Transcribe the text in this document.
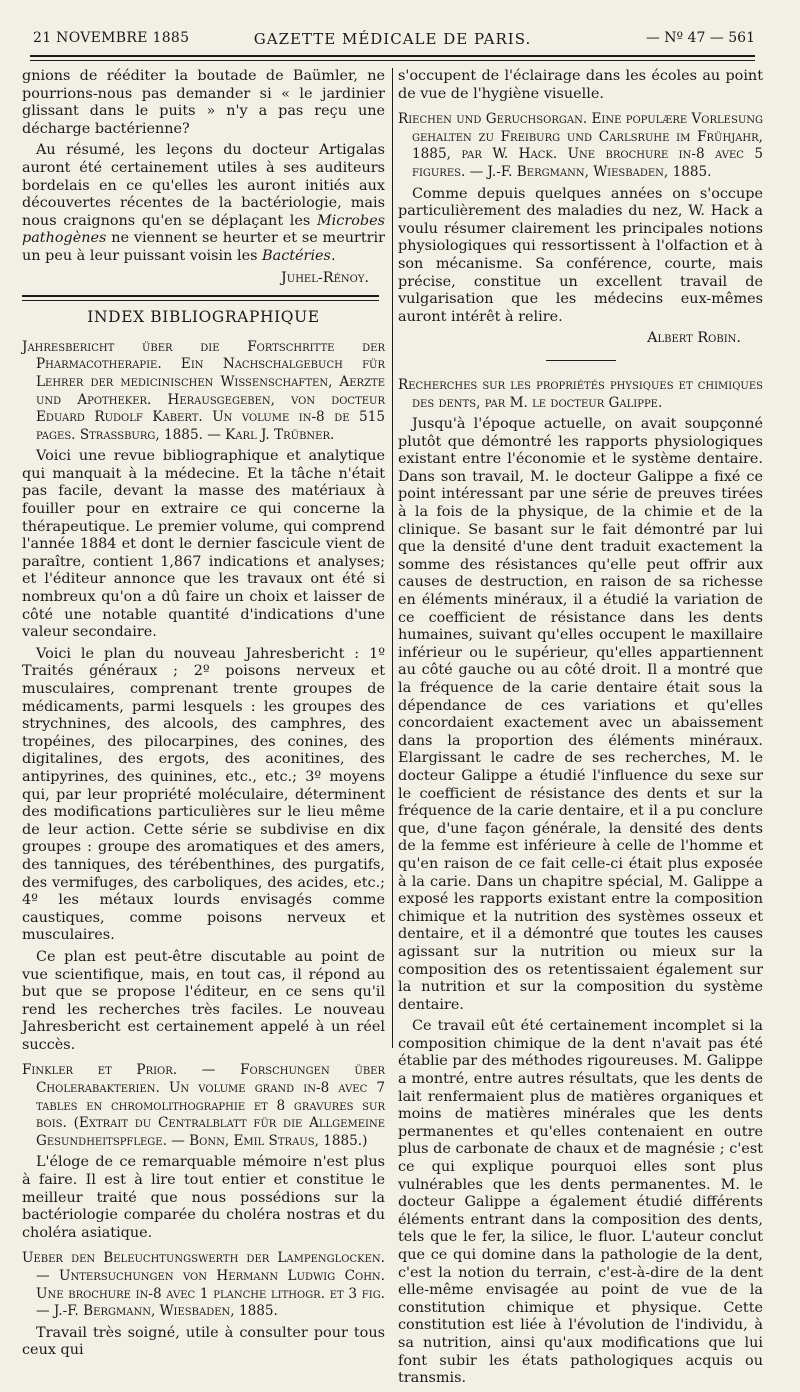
21 NOVEMBRE 1885	GAZETTE MÉDICALE DE PARIS.	— Nº 47 — 561

gnions de rééditer la boutade de Baümler, ne pourrions-nous pas demander si « le jardinier glissant dans le puits » n'y a pas reçu une décharge bactérienne?

Au résumé, les leçons du docteur Artigalas auront été certainement utiles à ses auditeurs bordelais en ce qu'elles les auront initiés aux découvertes récentes de la bactériologie, mais nous craignons qu'en se déplaçant les Microbes pathogènes ne viennent se heurter et se meurtrir un peu à leur puissant voisin les Bactéries.

Juhel-Rénoy.
INDEX BIBLIOGRAPHIQUE

Jahresbericht über die Fortschritte der Pharmacotherapie. Ein Nachschalgebuch für Lehrer der medicinischen Wissenschaften, Aerzte und Apotheker. Herausgegeben, von docteur Eduard Rudolf Kabert. Un volume in-8 de 515 pages. Strassburg, 1885. — Karl J. Trübner.

Voici une revue bibliographique et analytique qui manquait à la médecine. Et la tâche n'était pas facile, devant la masse des matériaux à fouiller pour en extraire ce qui concerne la thérapeutique. Le premier volume, qui comprend l'année 1884 et dont le dernier fascicule vient de paraître, contient 1,867 indications et analyses; et l'éditeur annonce que les travaux ont été si nombreux qu'on a dû faire un choix et laisser de côté une notable quantité d'indications d'une valeur secondaire.

Voici le plan du nouveau Jahresbericht : 1º Traités généraux ; 2º poisons nerveux et musculaires, comprenant trente groupes de médicaments, parmi lesquels : les groupes des strychnines, des alcools, des camphres, des tropéines, des pilocarpines, des conines, des digitalines, des ergots, des aconitines, des antipyrines, des quinines, etc., etc.; 3º moyens qui, par leur propriété moléculaire, déterminent des modifications particulières sur le lieu même de leur action. Cette série se subdivise en dix groupes : groupe des aromatiques et des amers, des tanniques, des térébenthines, des purgatifs, des vermifuges, des carboliques, des acides, etc.; 4º les métaux lourds envisagés comme caustiques, comme poisons nerveux et musculaires.

Ce plan est peut-être discutable au point de vue scientifique, mais, en tout cas, il répond au but que se propose l'éditeur, en ce sens qu'il rend les recherches très faciles. Le nouveau Jahresbericht est certainement appelé à un réel succès.

Finkler et Prior. — Forschungen über Cholerabakterien. Un volume grand in-8 avec 7 tables en chromolithographie et 8 gravures sur bois. (Extrait du Centralblatt für die Allgemeine Gesundheitspflege. — Bonn, Emil Straus, 1885.)

L'éloge de ce remarquable mémoire n'est plus à faire. Il est à lire tout entier et constitue le meilleur traité que nous possédions sur la bactériologie comparée du choléra nostras et du choléra asiatique.

Ueber den Beleuchtungswerth der Lampenglocken. — Untersuchungen von Hermann Ludwig Cohn. Une brochure in-8 avec 1 planche lithogr. et 3 fig. — J.-F. Bergmann, Wiesbaden, 1885.

Travail très soigné, utile à consulter pour tous ceux qui

s'occupent de l'éclairage dans les écoles au point de vue de l'hygiène visuelle.

Riechen und Geruchsorgan. Eine populære Vorlesung gehalten zu Freiburg und Carlsruhe im Frühjahr, 1885, par W. Hack. Une brochure in-8 avec 5 figures. — J.-F. Bergmann, Wiesbaden, 1885.

Comme depuis quelques années on s'occupe particulièrement des maladies du nez, W. Hack a voulu résumer clairement les principales notions physiologiques qui ressortissent à l'olfaction et à son mécanisme. Sa conférence, courte, mais précise, constitue un excellent travail de vulgarisation que les médecins eux-mêmes auront intérêt à relire.

Albert Robin.

Recherches sur les propriétés physiques et chimiques des dents, par M. le docteur Galippe.

Jusqu'à l'époque actuelle, on avait soupçonné plutôt que démontré les rapports physiologiques existant entre l'économie et le système dentaire. Dans son travail, M. le docteur Galippe a fixé ce point intéressant par une série de preuves tirées à la fois de la physique, de la chimie et de la clinique. Se basant sur le fait démontré par lui que la densité d'une dent traduit exactement la somme des résistances qu'elle peut offrir aux causes de destruction, en raison de sa richesse en éléments minéraux, il a étudié la variation de ce coefficient de résistance dans les dents humaines, suivant qu'elles occupent le maxillaire inférieur ou le supérieur, qu'elles appartiennent au côté gauche ou au côté droit. Il a montré que la fréquence de la carie dentaire était sous la dépendance de ces variations et qu'elles concordaient exactement avec un abaissement dans la proportion des éléments minéraux. Elargissant le cadre de ses recherches, M. le docteur Galippe a étudié l'influence du sexe sur le coefficient de résistance des dents et sur la fréquence de la carie dentaire, et il a pu conclure que, d'une façon générale, la densité des dents de la femme est inférieure à celle de l'homme et qu'en raison de ce fait celle-ci était plus exposée à la carie. Dans un chapitre spécial, M. Galippe a exposé les rapports existant entre la composition chimique et la nutrition des systèmes osseux et dentaire, et il a démontré que toutes les causes agissant sur la nutrition ou mieux sur la composition des os retentissaient également sur la nutrition et sur la composition du système dentaire.

Ce travail eût été certainement incomplet si la composition chimique de la dent n'avait pas été établie par des méthodes rigoureuses. M. Galippe a montré, entre autres résultats, que les dents de lait renfermaient plus de matières organiques et moins de matières minérales que les dents permanentes et qu'elles contenaient en outre plus de carbonate de chaux et de magnésie ; c'est ce qui explique pourquoi elles sont plus vulnérables que les dents permanentes. M. le docteur Galippe a également étudié différents éléments entrant dans la composition des dents, tels que le fer, la silice, le fluor. L'auteur conclut que ce qui domine dans la pathologie de la dent, c'est la notion du terrain, c'est-à-dire de la dent elle-même envisagée au point de vue de la constitution chimique et physique. Cette constitution est liée à l'évolution de l'individu, à sa nutrition, ainsi qu'aux modifications que lui font subir les états pathologiques acquis ou transmis.
